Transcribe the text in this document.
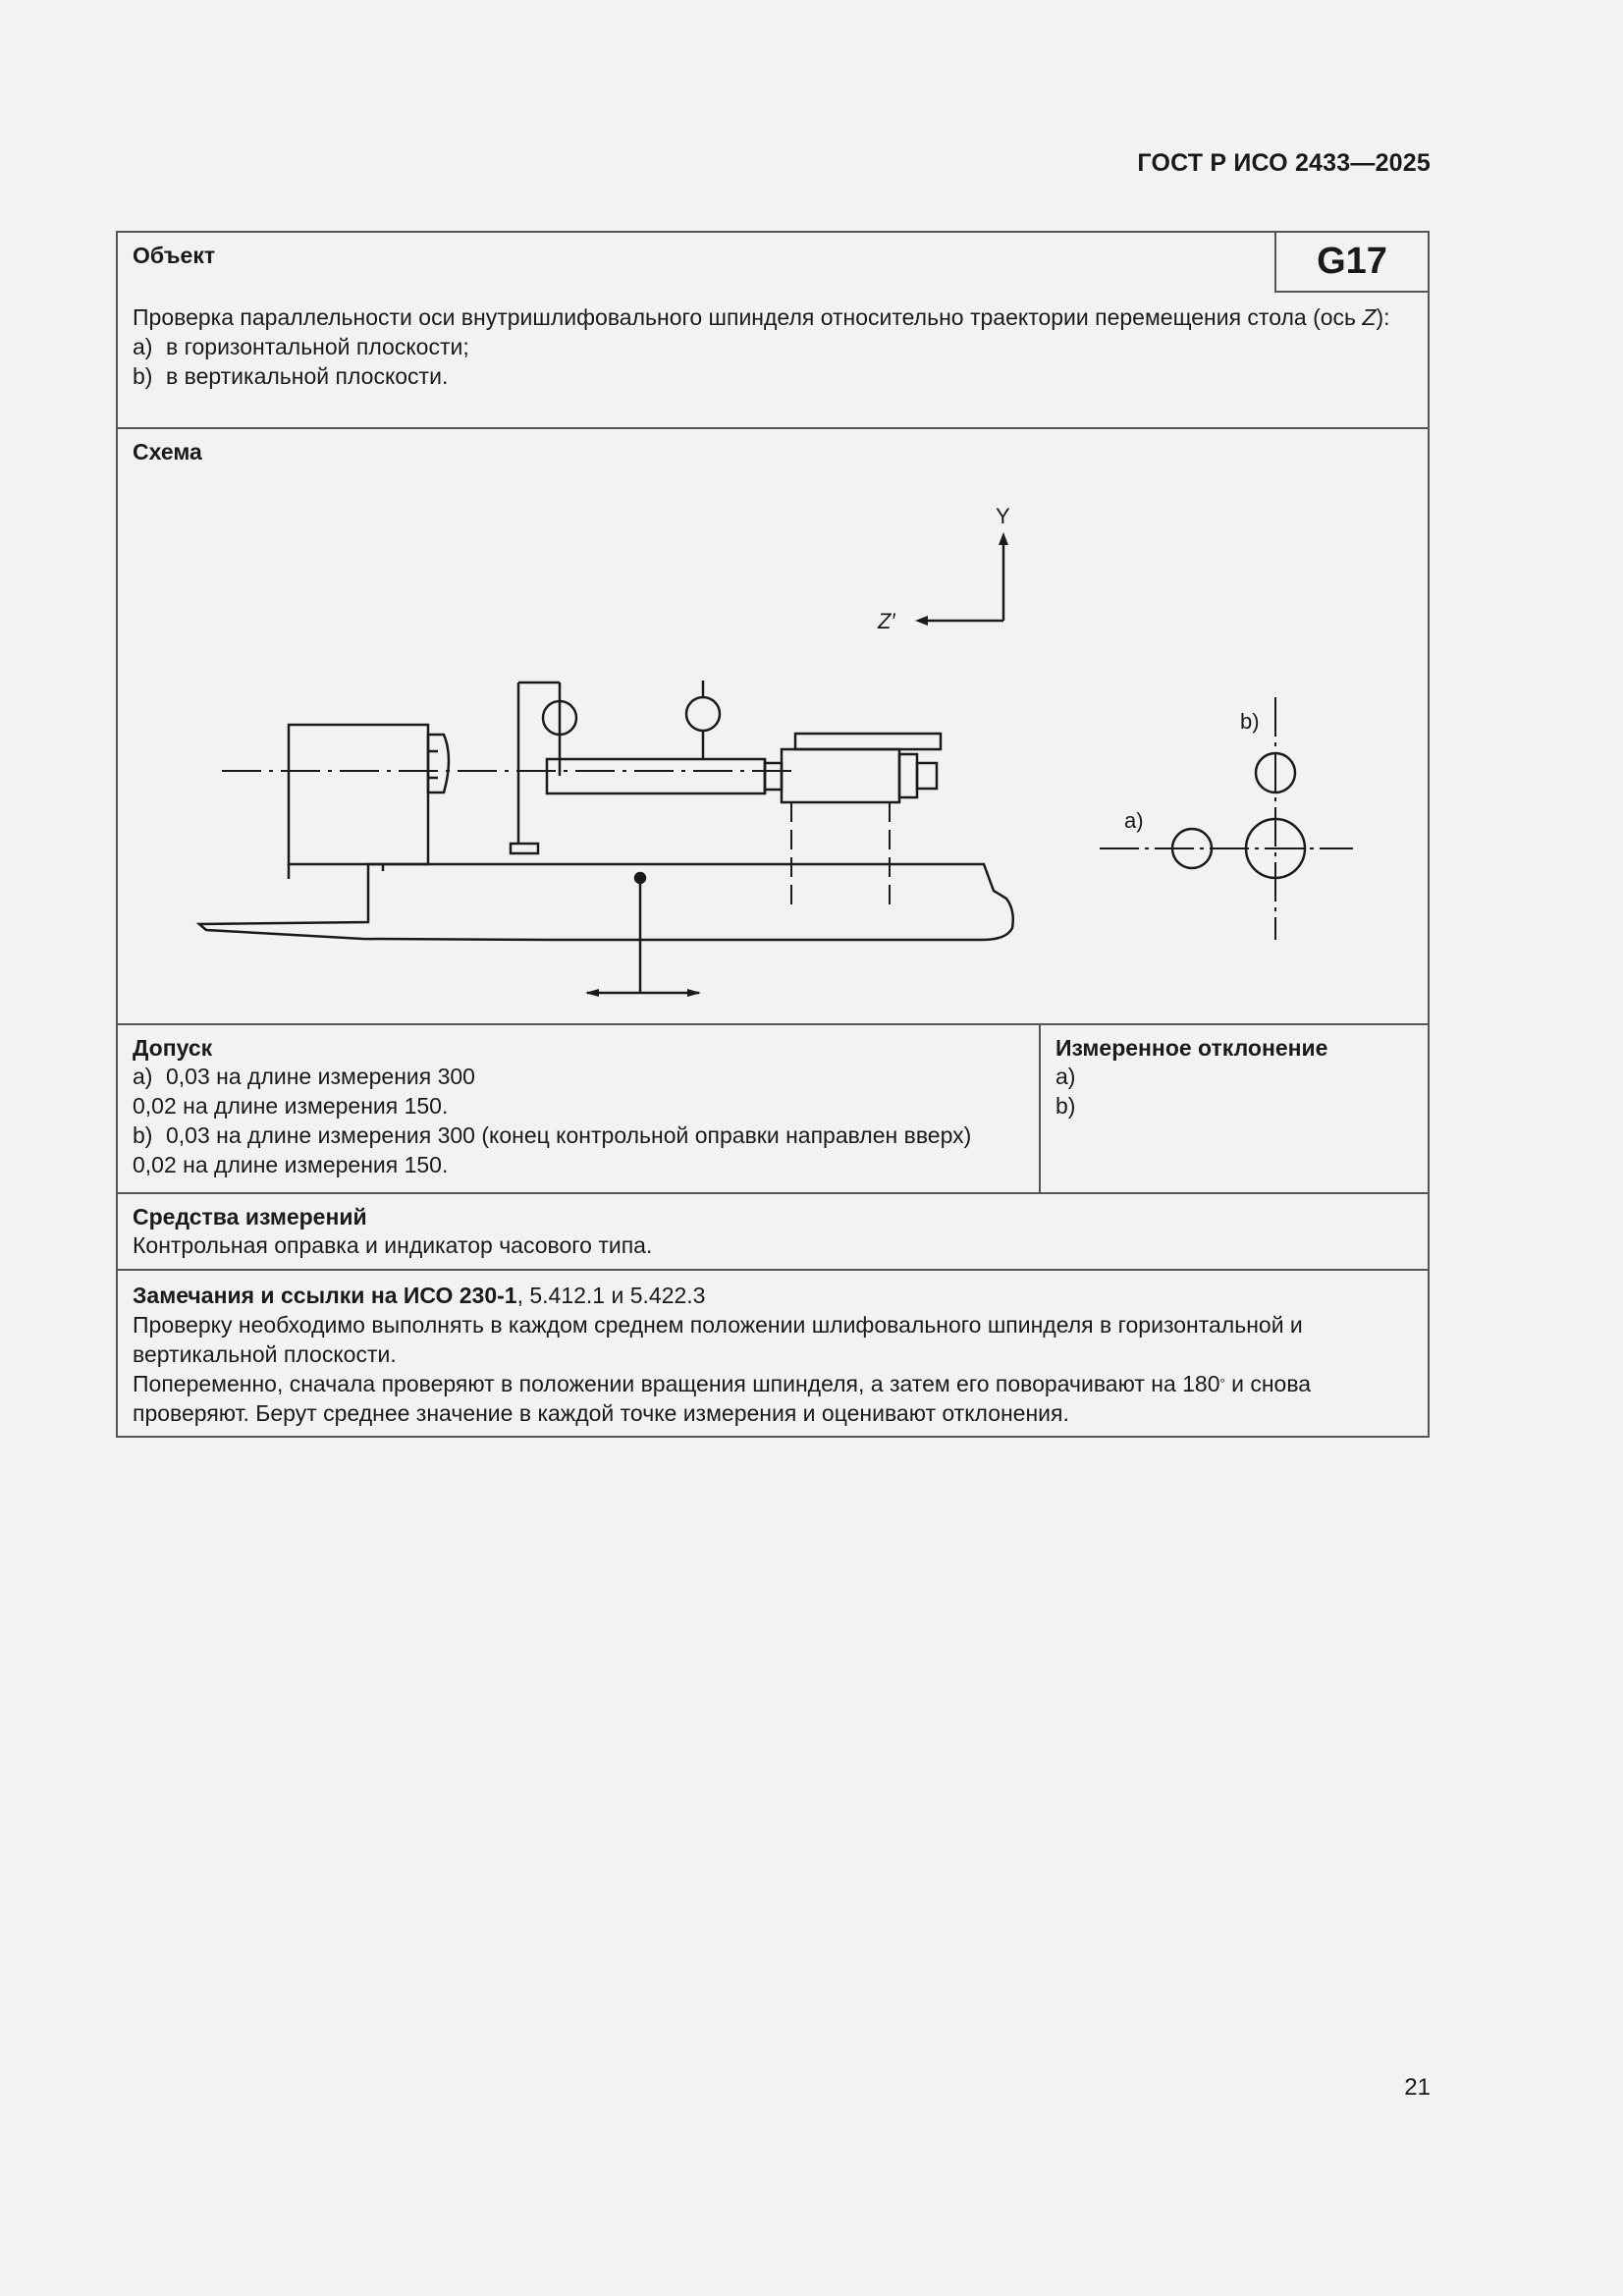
ГОСТ Р ИСО 2433—2025
Объект	G17
Проверка параллельности оси внутришлифовального шпинделя относительно траектории перемещения стола (ось Z):
a) в горизонтальной плоскости;
b) в вертикальной плоскости.
Схема
Y
Z′
b)
a)
Допуск
a) 0,03 на длине измерения 300
0,02 на длине измерения 150.
b) 0,03 на длине измерения 300 (конец контрольной оправки направлен вверх)
0,02 на длине измерения 150.
Измеренное отклонение
a)
b)
Средства измерений
Контрольная оправка и индикатор часового типа.
Замечания и ссылки на ИСО 230-1, 5.412.1 и 5.422.3
Проверку необходимо выполнять в каждом среднем положении шлифовального шпинделя в горизонтальной и вертикальной плоскости.
Попеременно, сначала проверяют в положении вращения шпинделя, а затем его поворачивают на 180° и снова проверяют. Берут среднее значение в каждой точке измерения и оценивают отклонения.
21
